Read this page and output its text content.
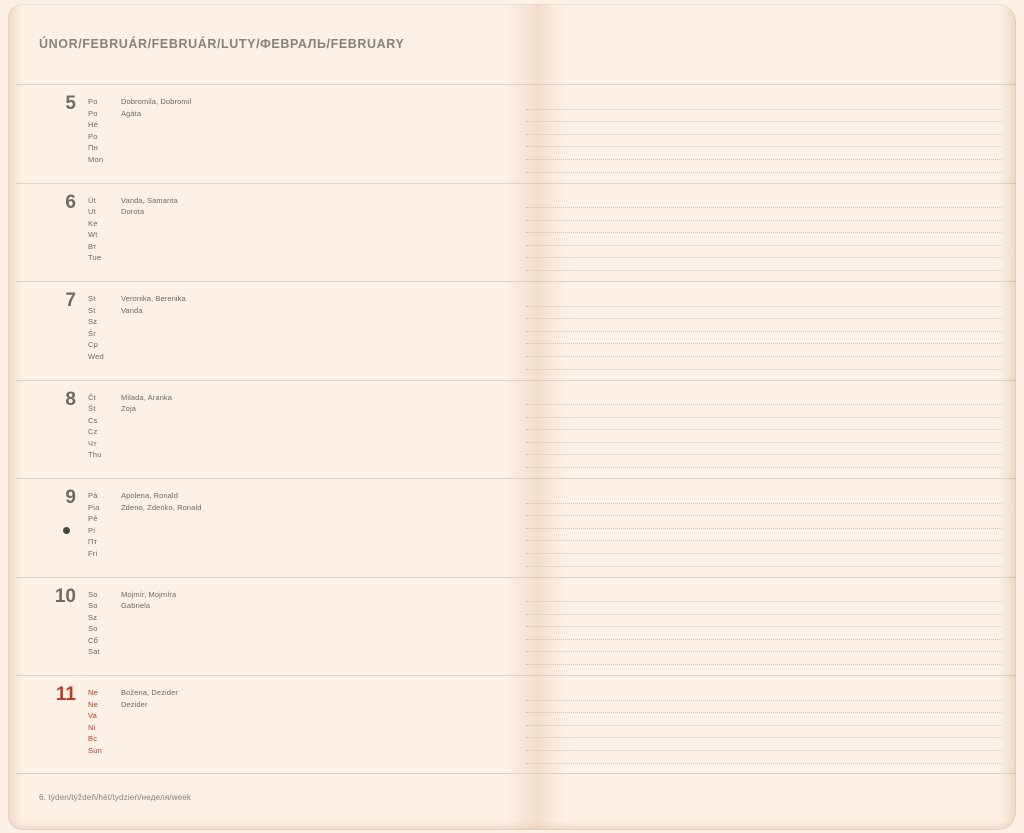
ÚNOR/FEBRUÁR/FEBRUÁR/LUTY/ФЕВРАЛЬ/FEBRUARY
5 Po
Po
Hé
Po
Пн
Mon
Dobromila, Dobromil
Agáta
6 Út
Ut
Ke
Wt
Вт
Tue
Vanda, Samanta
Dorota
7 St
St
Sz
Śr
Ср
Wed
Veronika, Berenika
Vanda
8 Čt
Št
Cs
Cz
Чт
Thu
Milada, Aranka
Zoja
9 Pá
Pia
Pé
Pi
Пт
Fri
Apolena, Ronald
Zdeno, Zdenko, Ronald
10 So
So
Sz
So
Сб
Sat
Mojmír, Mojmíra
Gabriela
11 Ne
Ne
Va
Ni
Вс
Sun
Božena, Dezider
Dezider
6. týden/týždeň/hét/tydzień/неделя/week
